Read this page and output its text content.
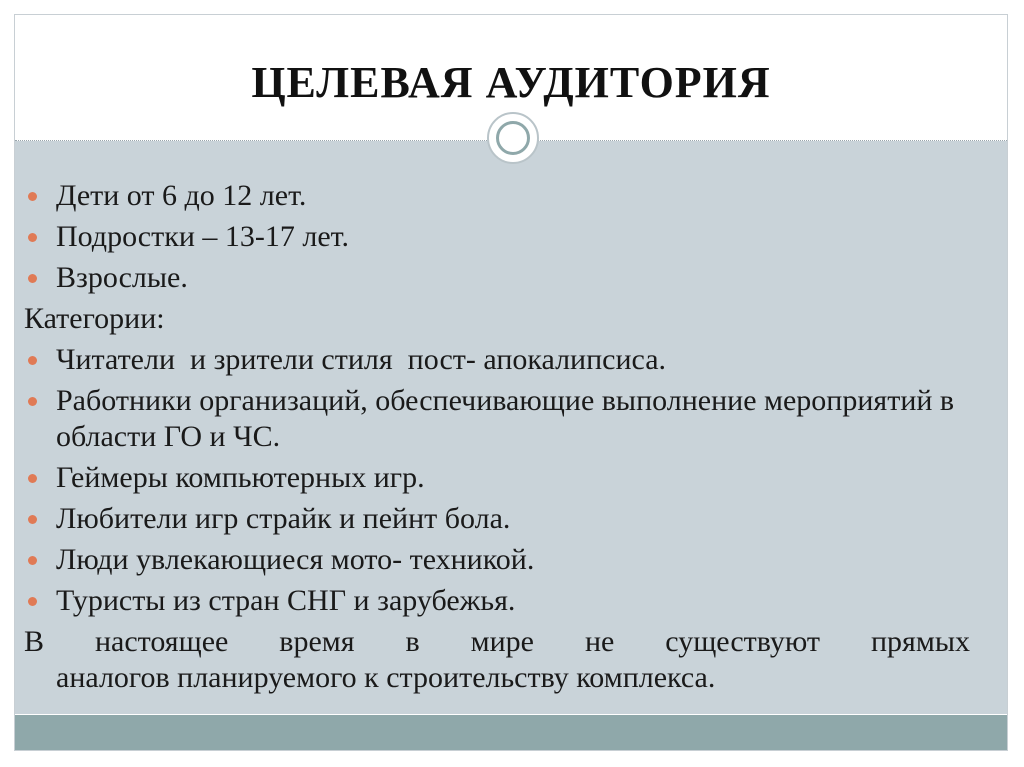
ЦЕЛЕВАЯ АУДИТОРИЯ
Дети от 6 до 12 лет.
Подростки – 13-17 лет.
Взрослые.
Категории:
Читатели  и зрители стиля  пост- апокалипсиса.
Работники организаций, обеспечивающие выполнение мероприятий в области ГО и ЧС.
Геймеры компьютерных игр.
Любители игр страйк и пейнт бола.
Люди увлекающиеся мото- техникой.
Туристы из стран СНГ и зарубежья.
В настоящее время в мире не существуют прямых
аналогов планируемого к строительству комплекса.
